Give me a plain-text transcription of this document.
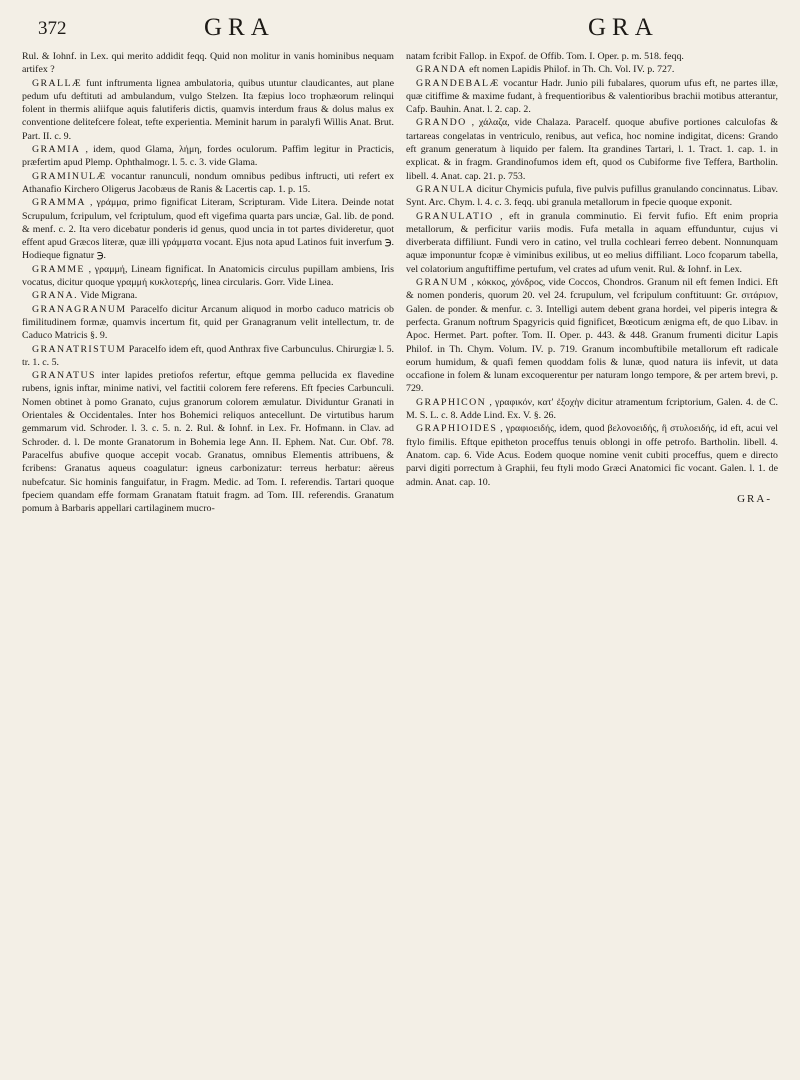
372	GRA	GRA

Rul. & Iohnf. in Lex. qui merito addidit feqq. Quid non molitur in vanis hominibus nequam artifex ?

GRALLÆ funt inftrumenta lignea ambulatoria, quibus utuntur claudicantes, aut plane pedum ufu deftituti ad ambulandum, vulgo Stelzen. Ita fæpius loco trophæorum relinqui folent in thermis aliifque aquis falutiferis dictis, quamvis interdum fraus & dolus malus ex conventione delitefcere foleat, tefte experientia. Meminit harum in paralyfi Willis Anat. Brut. Part. II. c. 9.

GRAMIA , idem, quod Glama, λήμη, fordes oculorum. Paffim legitur in Practicis, præfertim apud Plemp. Ophthalmogr. l. 5. c. 3. vide Glama.

GRAMINULÆ vocantur ranunculi, nondum omnibus pedibus inftructi, uti refert ex Athanafio Kirchero Oligerus Jacobæus de Ranis & Lacertis cap. 1. p. 15.

GRAMMA , γράμμα, primo fignificat Literam, Scripturam. Vide Litera. Deinde notat Scrupulum, fcripulum, vel fcriptulum, quod eft vigefima quarta pars unciæ, Gal. lib. de pond. & menf. c. 2. Ita vero dicebatur ponderis id genus, quod uncia in tot partes divideretur, quot effent apud Græcos literæ, quæ illi γράμματα vocant. Ejus nota apud Latinos fuit inverfum ℈. Hodieque fignatur ℈.

GRAMME , γραμμή, Lineam fignificat. In Anatomicis circulus pupillam ambiens, Iris vocatus, dicitur quoque γραμμή κυκλοτερής, linea circularis. Gorr. Vide Linea.

GRANA. Vide Migrana.

GRANAGRANUM Paracelfo dicitur Arcanum aliquod in morbo caduco matricis ob fimilitudinem formæ, quamvis incertum fit, quid per Granagranum velit intellectum, tr. de Caduco Matricis §. 9.

GRANATRISTUM Paracelfo idem eft, quod Anthrax five Carbunculus. Chirurgiæ l. 5. tr. 1. c. 5.

GRANATUS inter lapides pretiofos refertur, eftque gemma pellucida ex flavedine rubens, ignis inftar, minime nativi, vel factitii colorem fere referens. Eft fpecies Carbunculi. Nomen obtinet à pomo Granato, cujus granorum colorem æmulatur. Dividuntur Granati in Orientales & Occidentales. Inter hos Bohemici reliquos antecellunt. De virtutibus harum gemmarum vid. Schroder. l. 3. c. 5. n. 2. Rul. & Iohnf. in Lex. Fr. Hofmann. in Clav. ad Schroder. d. l. De monte Granatorum in Bohemia lege Ann. II. Ephem. Nat. Cur. Obf. 78. Paracelfus abufive quoque accepit vocab. Granatus, omnibus Elementis attribuens, & fcribens: Granatus aqueus coagulatur: igneus carbonizatur: terreus herbatur: aëreus nubefcatur. Sic hominis fanguifatur, in Fragm. Medic. ad Tom. I. referendis. Tartari quoque fpeciem quandam effe formam Granatam ftatuit fragm. ad Tom. III. referendis. Granatum pomum à Barbaris appellari cartilaginem mucro-

natam fcribit Fallop. in Expof. de Offib. Tom. I. Oper. p. m. 518. feqq.

GRANDA eft nomen Lapidis Philof. in Th. Ch. Vol. IV. p. 727.

GRANDEBALÆ vocantur Hadr. Junio pili fubalares, quorum ufus eft, ne partes illæ, quæ citiffime & maxime fudant, à frequentioribus & valentioribus brachii motibus atterantur, Cafp. Bauhin. Anat. l. 2. cap. 2.

GRANDO , χάλαζα, vide Chalaza. Paracelf. quoque abufive portiones calculofas & tartareas congelatas in ventriculo, renibus, aut vefica, hoc nomine indigitat, dicens: Grando eft granum generatum à liquido per falem. Ita grandines Tartari, l. 1. Tract. 1. cap. 1. in explicat. & in fragm. Grandinofumos idem eft, quod os Cubiforme five Teffera, Bartholin. libell. 4. Anat. cap. 21. p. 753.

GRANULA dicitur Chymicis pufula, five pulvis pufillus granulando concinnatus. Libav. Synt. Arc. Chym. l. 4. c. 3. feqq. ubi granula metallorum in fpecie quoque exponit.

GRANULATIO , eft in granula comminutio. Ei fervit fufio. Eft enim propria metallorum, & perficitur variis modis. Fufa metalla in aquam effunduntur, cujus vi diverberata diffiliunt. Fundi vero in catino, vel trulla cochleari ferreo debent. Nonnunquam aquæ imponuntur fcopæ è viminibus exilibus, ut eo melius diffiliant. Loco fcoparum tabella, vel colatorium anguftiffime pertufum, vel crates ad ufum venit. Rul. & Iohnf. in Lex.

GRANUM , κόκκος, χόνδρος, vide Coccos, Chondros. Granum nil eft femen Indici. Eft & nomen ponderis, quorum 20. vel 24. fcrupulum, vel fcripulum conftituunt: Gr. σιτάριον, Galen. de ponder. & menfur. c. 3. Intelligi autem debent grana hordei, vel piperis integra & perfecta. Granum noftrum Spagyricis quid fignificet, Bœoticum ænigma eft, de quo Libav. in Apoc. Hermet. Part. pofter. Tom. II. Oper. p. 443. & 448. Granum frumenti dicitur Lapis Philof. in Th. Chym. Volum. IV. p. 719. Granum incombuftibile metallorum eft radicale eorum humidum, & quafi femen quoddam folis & lunæ, quod natura iis infevit, ut data occafione in folem & lunam excoquerentur per naturam longo tempore, & per artem brevi, p. 729.

GRAPHICON , γραφικόν, κατ' ἐξοχὴν dicitur atramentum fcriptorium, Galen. 4. de C. M. S. L. c. 8. Adde Lind. Ex. V. §. 26.

GRAPHIOIDES , γραφιοειδής, idem, quod βελονοειδής, ἢ στυλοειδής, id eft, acui vel ftylo fimilis. Eftque epitheton proceffus tenuis oblongi in offe petrofo. Bartholin. libell. 4. Anatom. cap. 6. Vide Acus. Eodem quoque nomine venit cubiti proceffus, quem e directo parvi digiti porrectum à Graphii, feu ftyli modo Græci Anatomici fic vocant. Galen. l. 1. de admin. Anat. cap. 10.

GRA-
